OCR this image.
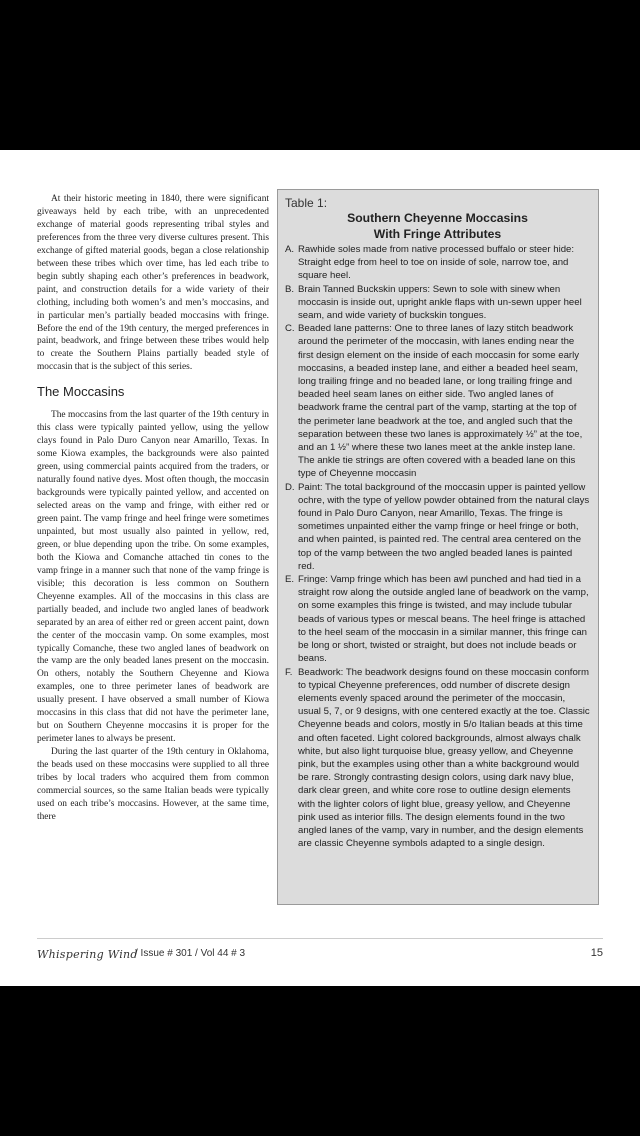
At their historic meeting in 1840, there were significant giveaways held by each tribe, with an unprecedented exchange of material goods representing tribal styles and preferences from the three very diverse cultures present. This exchange of gifted material goods, began a close relationship between these tribes which over time, has led each tribe to begin subtly shaping each other’s preferences in beadwork, paint, and construction details for a wide variety of their clothing, including both women’s and men’s moccasins, and in particular men’s partially beaded moccasins with fringe. Before the end of the 19th century, the merged preferences in paint, beadwork, and fringe between these tribes would help to create the Southern Plains partially beaded style of moccasin that is the subject of this series.

The Moccasins

The moccasins from the last quarter of the 19th century in this class were typically painted yellow, using the yellow clays found in Palo Duro Canyon near Amarillo, Texas. In some Kiowa examples, the backgrounds were also painted green, using commercial paints acquired from the traders, or naturally found native dyes. Most often though, the moccasin backgrounds were typically painted yellow, and accented on selected areas on the vamp and fringe, with either red or green paint. The vamp fringe and heel fringe were sometimes unpainted, but most usually also painted in yellow, red, green, or blue depending upon the tribe. On some examples, both the Kiowa and Comanche attached tin cones to the vamp fringe in a manner such that none of the vamp fringe is visible; this decoration is less common on Southern Cheyenne examples. All of the moccasins in this class are partially beaded, and include two angled lanes of beadwork separated by an area of either red or green accent paint, down the center of the moccasin vamp. On some examples, most typically Comanche, these two angled lanes of beadwork on the vamp are the only beaded lanes present on the moccasin. On others, notably the Southern Cheyenne and Kiowa examples, one to three perimeter lanes of beadwork are usually present. I have observed a small number of Kiowa moccasins in this class that did not have the perimeter lane, but on Southern Cheyenne moccasins it is proper for the perimeter lanes to always be present.

During the last quarter of the 19th century in Oklahoma, the beads used on these moccasins were supplied to all three tribes by local traders who acquired them from common commercial sources, so the same Italian beads were typically used on each tribe’s moccasins. However, at the same time, there

Table 1:
Southern Cheyenne Moccasins
With Fringe Attributes
A. Rawhide soles made from native processed buffalo or steer hide: Straight edge from heel to toe on inside of sole, narrow toe, and square heel.
B. Brain Tanned Buckskin uppers: Sewn to sole with sinew when moccasin is inside out, upright ankle flaps with un-sewn upper heel seam, and wide variety of buckskin tongues.
C. Beaded lane patterns: One to three lanes of lazy stitch beadwork around the perimeter of the moccasin, with lanes ending near the first design element on the inside of each moccasin for some early moccasins, a beaded instep lane, and either a beaded heel seam, long trailing fringe and no beaded lane, or long trailing fringe and beaded heel seam lanes on either side. Two angled lanes of beadwork frame the central part of the vamp, starting at the top of the perimeter lane beadwork at the toe, and angled such that the separation between these two lanes is approximately ½” at the toe, and an 1 ½” where these two lanes meet at the ankle instep lane. The ankle tie strings are often covered with a beaded lane on this type of Cheyenne moccasin
D. Paint: The total background of the moccasin upper is painted yellow ochre, with the type of yellow powder obtained from the natural clays found in Palo Duro Canyon, near Amarillo, Texas. The fringe is sometimes unpainted either the vamp fringe or heel fringe or both, and when painted, is painted red. The central area centered on the top of the vamp between the two angled beaded lanes is painted red.
E. Fringe: Vamp fringe which has been awl punched and had tied in a straight row along the outside angled lane of beadwork on the vamp, on some examples this fringe is twisted, and may include tubular beads of various types or mescal beans. The heel fringe is attached to the heel seam of the moccasin in a similar manner, this fringe can be long or short, twisted or straight, but does not include beads or beans.
F. Beadwork: The beadwork designs found on these moccasin conform to typical Cheyenne preferences, odd number of discrete design elements evenly spaced around the perimeter of the moccasin, usual 5, 7, or 9 designs, with one centered exactly at the toe. Classic Cheyenne beads and colors, mostly in 5/o Italian beads at this time and often faceted. Light colored backgrounds, almost always chalk white, but also light turquoise blue, greasy yellow, and Cheyenne pink, but the examples using other than a white background would be rare. Strongly contrasting design colors, using dark navy blue, dark clear green, and white core rose to outline design elements with the lighter colors of light blue, greasy yellow, and Cheyenne pink used as interior fills. The design elements found in the two angled lanes of the vamp, vary in number, and the design elements are classic Cheyenne symbols adapted to a single design.
Whispering Wind
/ Issue # 301 / Vol 44 # 3	15
